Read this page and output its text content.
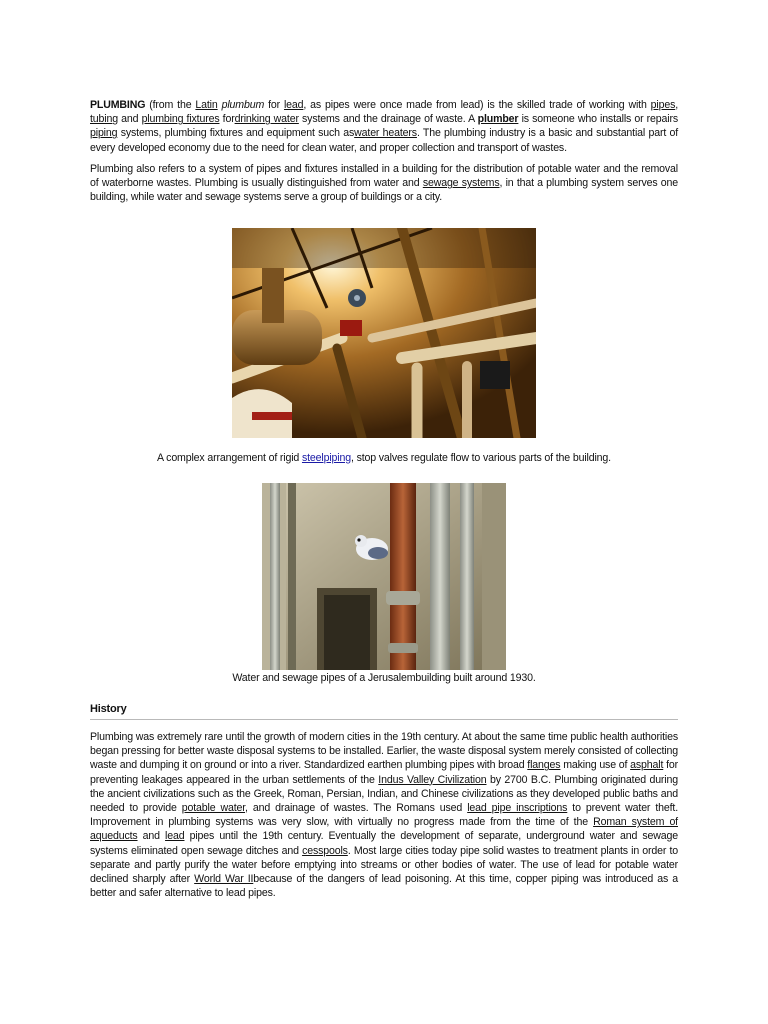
PLUMBING (from the Latin plumbum for lead, as pipes were once made from lead) is the skilled trade of working with pipes, tubing and plumbing fixtures fordrinking water systems and the drainage of waste. A plumber is someone who installs or repairs piping systems, plumbing fixtures and equipment such aswater heaters. The plumbing industry is a basic and substantial part of every developed economy due to the need for clean water, and proper collection and transport of wastes.
Plumbing also refers to a system of pipes and fixtures installed in a building for the distribution of potable water and the removal of waterborne wastes. Plumbing is usually distinguished from water and sewage systems, in that a plumbing system serves one building, while water and sewage systems serve a group of buildings or a city.
A complex arrangement of rigid steelpiping, stop valves regulate flow to various parts of the building.
Water and sewage pipes of a Jerusalembuilding built around 1930.
History
Plumbing was extremely rare until the growth of modern cities in the 19th century. At about the same time public health authorities began pressing for better waste disposal systems to be installed. Earlier, the waste disposal system merely consisted of collecting waste and dumping it on ground or into a river. Standardized earthen plumbing pipes with broad flanges making use of asphalt for preventing leakages appeared in the urban settlements of the Indus Valley Civilization by 2700 B.C. Plumbing originated during the ancient civilizations such as the Greek, Roman, Persian, Indian, and Chinese civilizations as they developed public baths and needed to provide potable water, and drainage of wastes. The Romans used lead pipe inscriptions to prevent water theft. Improvement in plumbing systems was very slow, with virtually no progress made from the time of the Roman system of aqueducts and lead pipes until the 19th century. Eventually the development of separate, underground water and sewage systems eliminated open sewage ditches and cesspools. Most large cities today pipe solid wastes to treatment plants in order to separate and partly purify the water before emptying into streams or other bodies of water. The use of lead for potable water declined sharply after World War IIbecause of the dangers of lead poisoning. At this time, copper piping was introduced as a better and safer alternative to lead pipes.
